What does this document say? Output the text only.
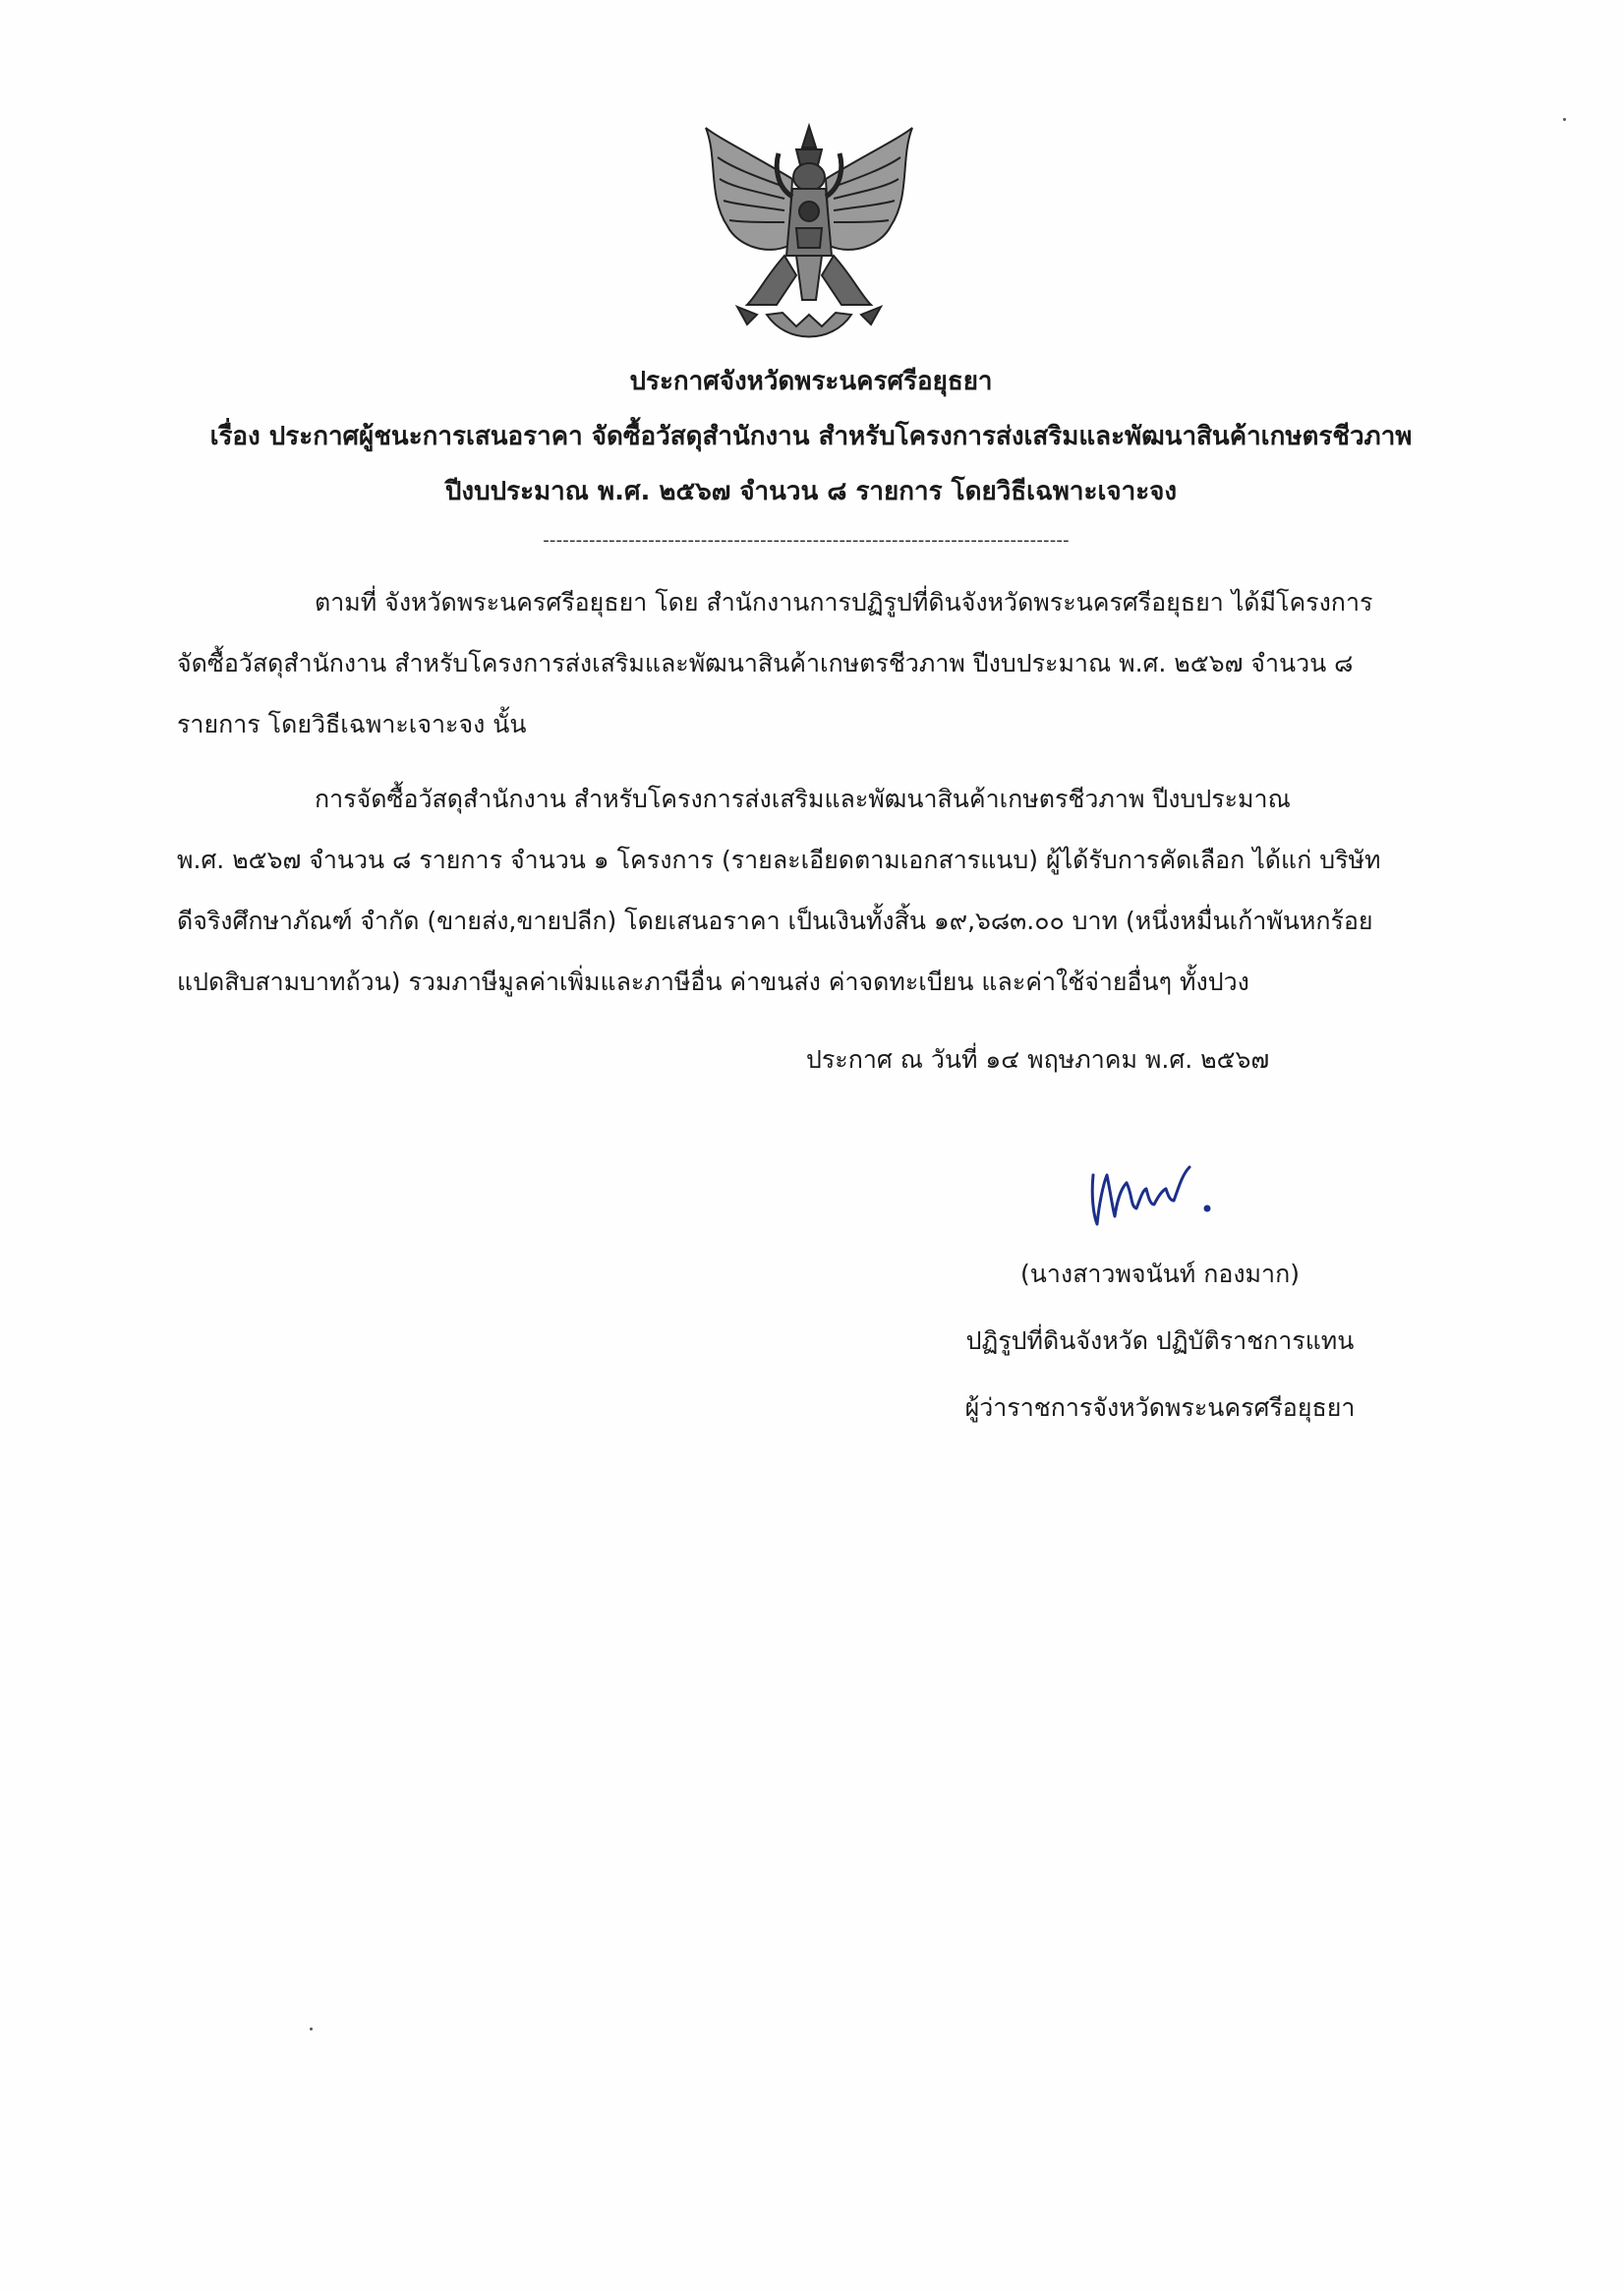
ประกาศจังหวัดพระนครศรีอยุธยา
เรื่อง ประกาศผู้ชนะการเสนอราคา จัดซื้อวัสดุสำนักงาน สำหรับโครงการส่งเสริมและพัฒนาสินค้าเกษตรชีวภาพ
ปีงบประมาณ พ.ศ. ๒๕๖๗ จำนวน ๘ รายการ โดยวิธีเฉพาะเจาะจง
--------------------------------------------------------------------------------
ตามที่ จังหวัดพระนครศรีอยุธยา โดย สำนักงานการปฏิรูปที่ดินจังหวัดพระนครศรีอยุธยา ได้มีโครงการ
จัดซื้อวัสดุสำนักงาน สำหรับโครงการส่งเสริมและพัฒนาสินค้าเกษตรชีวภาพ ปีงบประมาณ พ.ศ. ๒๕๖๗ จำนวน ๘
รายการ โดยวิธีเฉพาะเจาะจง นั้น
การจัดซื้อวัสดุสำนักงาน สำหรับโครงการส่งเสริมและพัฒนาสินค้าเกษตรชีวภาพ ปีงบประมาณ
พ.ศ. ๒๕๖๗ จำนวน ๘ รายการ จำนวน ๑ โครงการ (รายละเอียดตามเอกสารแนบ) ผู้ได้รับการคัดเลือก ได้แก่ บริษัท
ดีจริงศึกษาภัณฑ์ จำกัด (ขายส่ง,ขายปลีก) โดยเสนอราคา เป็นเงินทั้งสิ้น ๑๙,๖๘๓.๐๐ บาท (หนึ่งหมื่นเก้าพันหกร้อย
แปดสิบสามบาทถ้วน) รวมภาษีมูลค่าเพิ่มและภาษีอื่น ค่าขนส่ง ค่าจดทะเบียน และค่าใช้จ่ายอื่นๆ ทั้งปวง
ประกาศ ณ วันที่ ๑๔ พฤษภาคม พ.ศ. ๒๕๖๗
(นางสาวพจนันท์ กองมาก)
ปฏิรูปที่ดินจังหวัด ปฏิบัติราชการแทน
ผู้ว่าราชการจังหวัดพระนครศรีอยุธยา
